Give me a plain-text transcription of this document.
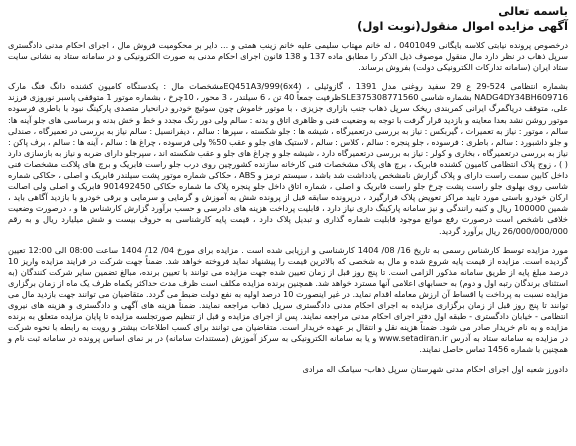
باسمه تعالی
آگهی مزایده اموال منقول(نوبت اول)

درخصوص پرونده نیابتی کلاسه بایگانی 0401049 ، له خانم مهتاب سلیمی علیه خانم زینب همتی و ... دایر بر محکومیت فروش مال ، اجرای احکام مدنی دادگستری سرپل ذهاب در نظر دارد مال منقول موصوف ذیل الذکر را مطابق ماده 137 و 138 قانون اجرای احکام مدنی به صورت الکترونیکی و در سامانه ستاد به نشانی سایت ستاد ایران (سامانه تدارکات الکترونیکی دولت) بفروش برساند.

بشماره انتظامی 524-29 ع 29 سفید روغنی مدل 1391 ، گازوئیلی ، EQ451A3/999(6x4)مشخصات مال : یکدستگاه کامیون کشنده دانگ فنگ مارک NADG4DY34BH609716 بشماره شاسی SLE375308771560ظرفیت جمعاً 40 تن ، 6 سیلندر ، 3 محور ، 10چرخ ، بشماره موتور 1 متوقفی پاسبر نوروزی فرزند علی، متوقف دریاگمرگ ایرانی کمربندی ریخک سرپل ذهاب جنب بازاری جزیزی ، با موتور خاموش چون سوئیچ خودرو درانحیار متصدی پارکینگ نبود با باطری فرسوده موتور روشن نشد بعدا معاینه و بازدید قرار گرفت با توجه به وضعیت فنی و ظاهری اتاق و بدنه : سالم ولی دور رنگ مجدد و خط و خش بدنه و برساسی های جلو آینه ها: سالم ، موتور : نیاز به تعمیرات ، گیربکس : نیاز به بررسی درتعمیرگاه ، شیشه ها : جلو شکسته ، سپرها : سالم ، دیفرانسیل : سالم نیاز به بررسی در تعمیرگاه ، صندلی و جلو داشبورد : سالم ، باطری : فرسوده ، جلو پنجره : سالم ، کلاس : سالم ، لاستیک های جلو و عقب 50% ولی فرسوده ، چراغ ها : سالم ، آینه ها : سالم ، برف پاکن : نیاز به بررسی درتعمیرگاه ، بخاری و کولر : نیاز به بررسی درتعمیرگاه دارد ، شیشه جلو و چراغ های جلو و عقب شکسته اند ، سپرجلو دارای ضربه و نیاز به بازسازی دارد ( ) ، زوج پلاک انتظامی کامیون کشنده فابریک ، برچ های پلاک مشخصات فنی کارخانه سازنده کشورچین روی درب جلو راست فابریک و برچ های پلاکت مشخصات فنی داخل کابین سمت راست دارای و پلاک گزارش نامشخص یادداشت شد باشد ، سیستم ترمز و ABS ، حکاکی شماره موتور پشت سیلندر فابریک و اصلی ، حکاکی شماره شاسی روی بهلوی جلو راست پشت چرخ جلو راست فابریک و اصلی ، شماره اتاق داخل جلو پنجره پلاک ما شماره حکاکی 901492450 فابریک و اصلی ولی اصالت ارکان خودرو باستی مورد تایید مراکز تعویض پلاک قرارگیرد ، درپرونده سابقه قبل از پرونده شش به آموزش و گرمایی و سرمایی و برقی خودرو با بازدید آگاهی باید ، شمین 100000 ریال و کنیه رانندگی و نیز سامانه پارکینگ داری نیاز دارد ، قابلیت پرداخت هزینه های دادرسی و حسب برآورد گزارش کارشناس ها و ، درصورت وضعیت خلافی ناشخص است درصورت رفع موانع موجود قابلیت شماره گذاری و تبدیل پلاک دارد ، قیمت پایه کارشناسی به حروف بیست و شش میلیارد ریال و به رقم 26/000/000/000 ریال برآورد گردید.

مورد مزایده توسط کارشناس رسمی به تاریخ 16/ 08/ 1404 کارشناسی و ارزیابی شده است . مزایده برای مورخ 04/ 12/ 1404 ساعت 08:00 الی 12:00 تعیین گردیده است. مزایده از قیمت پایه شروع شده و مال به شخصی که بالاترین قیمت را پیشنهاد نماید فروخته خواهد شد. ضمناً جهت شرکت در فرایند مزایده واریز 10 درصد مبلغ پایه از طریق سامانه مذکور الزامی است. تا پنج روز قبل از زمان تعیین شده جهت مزایده می توانند با تعیین برنده، مبالغ تضمین سایر شرکت کنندگان (به استثنای برندگان رتبه اول و دوم) به حسابهای اعلامی آنها مسترد خواهد شد. همچنین برنده مزایده مکلف است ظرف مدت حداکثر یکماه ظرف یک ماه از زمان برگزاری مزایده نسبت به پرداخت یا اقساط آن ارزش معامله اقدام نماید. در غیر اینصورت 10 درصد اولیه به نفع دولت ضبط می گردد. متقاضیان می توانند جهت بازدید مال می توانند تا پنج روز قبل از زمان برگزاری مزایده به اجرای احکام مدنی دادگستری سرپل ذهاب مراجعه نمایند. ضمناً هزینه های آگهی و دادگستری و هزینه های نیروی انتظامی - خیابان دادگستری - طبقه اول دفتر اجرای احکام مدنی مراجعه نمایند. پس از اجرای مزایده و قبل از تنظیم صورتجلسه مزایده تا پایان مزایده متعلق به برنده مزایده و به نام خریدار صادر می شود. ضمناً هزینه نقل و انتقال بر عهده خریدار است. متقاضیان می توانند برای کسب اطلاعات بیشتر و رویت به رابطه با نحوه شرکت در مزایده به سامانه ستاد به آدرس www.setadiran.ir و یا به سامانه الکترونیکی به سرکز آموزش (مستندات سامانه) در بر نمای اساس پرونده در سامانه ثبت نام و همچنین با شماره 1456 تماس حاصل نمایند.

دادورز شعبه اول اجرای احکام مدنی شهرستان سرپل ذهاب- سیامک اله مرادی
